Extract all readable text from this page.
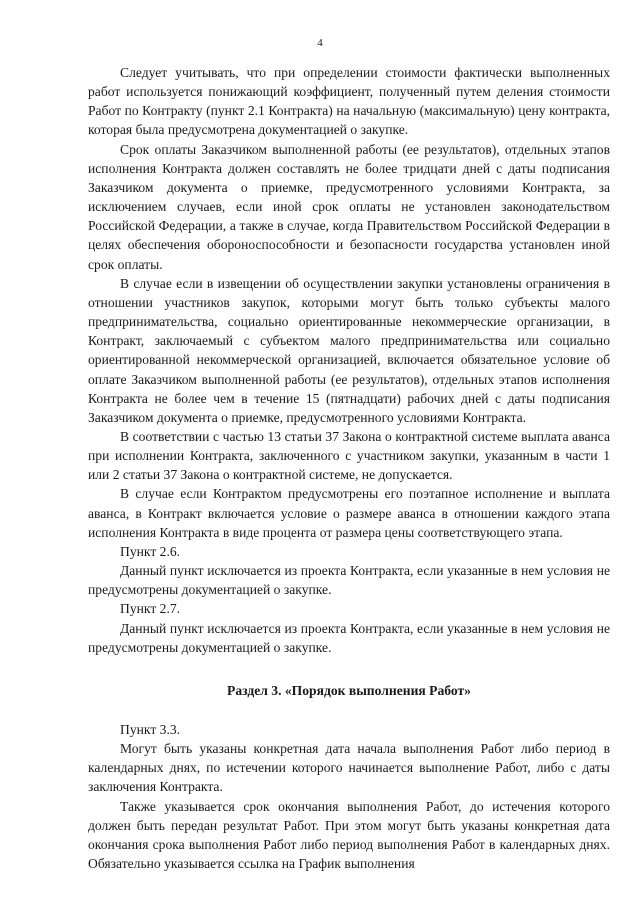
4

Следует учитывать, что при определении стоимости фактически выполненных работ используется понижающий коэффициент, полученный путем деления стоимости Работ по Контракту (пункт 2.1 Контракта) на начальную (максимальную) цену контракта, которая была предусмотрена документацией о закупке.

Срок оплаты Заказчиком выполненной работы (ее результатов), отдельных этапов исполнения Контракта должен составлять не более тридцати дней с даты подписания Заказчиком документа о приемке, предусмотренного условиями Контракта, за исключением случаев, если иной срок оплаты не установлен законодательством Российской Федерации, а также в случае, когда Правительством Российской Федерации в целях обеспечения обороноспособности и безопасности государства установлен иной срок оплаты.

В случае если в извещении об осуществлении закупки установлены ограничения в отношении участников закупок, которыми могут быть только субъекты малого предпринимательства, социально ориентированные некоммерческие организации, в Контракт, заключаемый с субъектом малого предпринимательства или социально ориентированной некоммерческой организацией, включается обязательное условие об оплате Заказчиком выполненной работы (ее результатов), отдельных этапов исполнения Контракта не более чем в течение 15 (пятнадцати) рабочих дней с даты подписания Заказчиком документа о приемке, предусмотренного условиями Контракта.

В соответствии с частью 13 статьи 37 Закона о контрактной системе выплата аванса при исполнении Контракта, заключенного с участником закупки, указанным в части 1 или 2 статьи 37 Закона о контрактной системе, не допускается.

В случае если Контрактом предусмотрены его поэтапное исполнение и выплата аванса, в Контракт включается условие о размере аванса в отношении каждого этапа исполнения Контракта в виде процента от размера цены соответствующего этапа.

Пункт 2.6.

Данный пункт исключается из проекта Контракта, если указанные в нем условия не предусмотрены документацией о закупке.

Пункт 2.7.

Данный пункт исключается из проекта Контракта, если указанные в нем условия не предусмотрены документацией о закупке.

Раздел 3. «Порядок выполнения Работ»

Пункт 3.3.

Могут быть указаны конкретная дата начала выполнения Работ либо период в календарных днях, по истечении которого начинается выполнение Работ, либо с даты заключения Контракта.

Также указывается срок окончания выполнения Работ, до истечения которого должен быть передан результат Работ. При этом могут быть указаны конкретная дата окончания срока выполнения Работ либо период выполнения Работ в календарных днях. Обязательно указывается ссылка на График выполнения
